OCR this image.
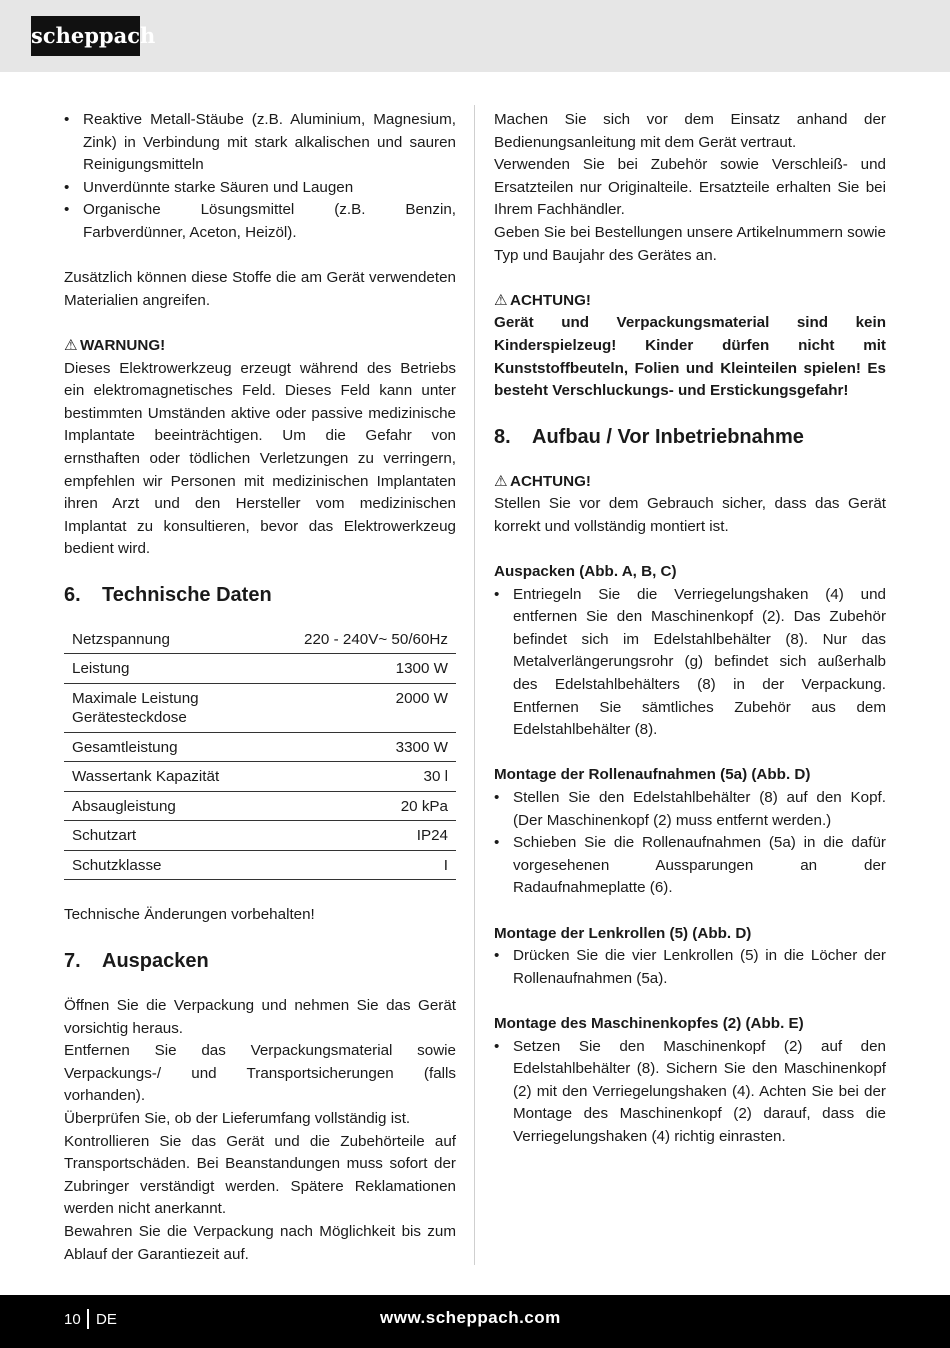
scheppach
• Reaktive Metall-Stäube (z.B. Aluminium, Magnesium, Zink) in Verbindung mit stark alkalischen und sauren Reinigungsmitteln
• Unverdünnte starke Säuren und Laugen
• Organische Lösungsmittel (z.B. Benzin, Farbverdünner, Aceton, Heizöl).

Zusätzlich können diese Stoffe die am Gerät verwendeten Materialien angreifen.

⚠ WARNUNG!

Dieses Elektrowerkzeug erzeugt während des Betriebs ein elektromagnetisches Feld. Dieses Feld kann unter bestimmten Umständen aktive oder passive medizinische Implantate beeinträchtigen. Um die Gefahr von ernsthaften oder tödlichen Verletzungen zu verringern, empfehlen wir Personen mit medizinischen Implantaten ihren Arzt und den Hersteller vom medizinischen Implantat zu konsultieren, bevor das Elektrowerkzeug bedient wird.

6. Technische Daten
Netzspannung	220 - 240V~ 50/60Hz
Leistung	1300 W
Maximale Leistung Gerätesteckdose	2000 W
Gesamtleistung	3300 W
Wassertank Kapazität	30 l
Absaugleistung	20 kPa
Schutzart	IP24
Schutzklasse	I

Technische Änderungen vorbehalten!

7. Auspacken

Öffnen Sie die Verpackung und nehmen Sie das Gerät vorsichtig heraus.

Entfernen Sie das Verpackungsmaterial sowie Verpackungs-/ und Transportsicherungen (falls vorhanden).

Überprüfen Sie, ob der Lieferumfang vollständig ist.

Kontrollieren Sie das Gerät und die Zubehörteile auf Transportschäden. Bei Beanstandungen muss sofort der Zubringer verständigt werden. Spätere Reklamationen werden nicht anerkannt.

Bewahren Sie die Verpackung nach Möglichkeit bis zum Ablauf der Garantiezeit auf.

Machen Sie sich vor dem Einsatz anhand der Bedienungsanleitung mit dem Gerät vertraut.

Verwenden Sie bei Zubehör sowie Verschleiß- und Ersatzteilen nur Originalteile. Ersatzteile erhalten Sie bei Ihrem Fachhändler.

Geben Sie bei Bestellungen unsere Artikelnummern sowie Typ und Baujahr des Gerätes an.

⚠ ACHTUNG!

Gerät und Verpackungsmaterial sind kein Kinderspielzeug! Kinder dürfen nicht mit Kunststoffbeuteln, Folien und Kleinteilen spielen! Es besteht Verschluckungs- und Erstickungsgefahr!

8. Aufbau / Vor Inbetriebnahme
⚠ ACHTUNG!

Stellen Sie vor dem Gebrauch sicher, dass das Gerät korrekt und vollständig montiert ist.

Auspacken (Abb. A, B, C)
• Entriegeln Sie die Verriegelungshaken (4) und entfernen Sie den Maschinenkopf (2). Das Zubehör befindet sich im Edelstahlbehälter (8). Nur das Metalverlängerungsrohr (g) befindet sich außerhalb des Edelstahlbehälters (8) in der Verpackung. Entfernen Sie sämtliches Zubehör aus dem Edelstahlbehälter (8).
Montage der Rollenaufnahmen (5a) (Abb. D)
• Stellen Sie den Edelstahlbehälter (8) auf den Kopf. (Der Maschinenkopf (2) muss entfernt werden.)
• Schieben Sie die Rollenaufnahmen (5a) in die dafür vorgesehenen Aussparungen an der Radaufnahmeplatte (6).
Montage der Lenkrollen (5) (Abb. D)
• Drücken Sie die vier Lenkrollen (5) in die Löcher der Rollenaufnahmen (5a).
Montage des Maschinenkopfes (2) (Abb. E)
• Setzen Sie den Maschinenkopf (2) auf den Edelstahlbehälter (8). Sichern Sie den Maschinenkopf (2) mit den Verriegelungshaken (4). Achten Sie bei der Montage des Maschinenkopf (2) darauf, dass die Verriegelungshaken (4) richtig einrasten.
10 DE	www.scheppach.com
